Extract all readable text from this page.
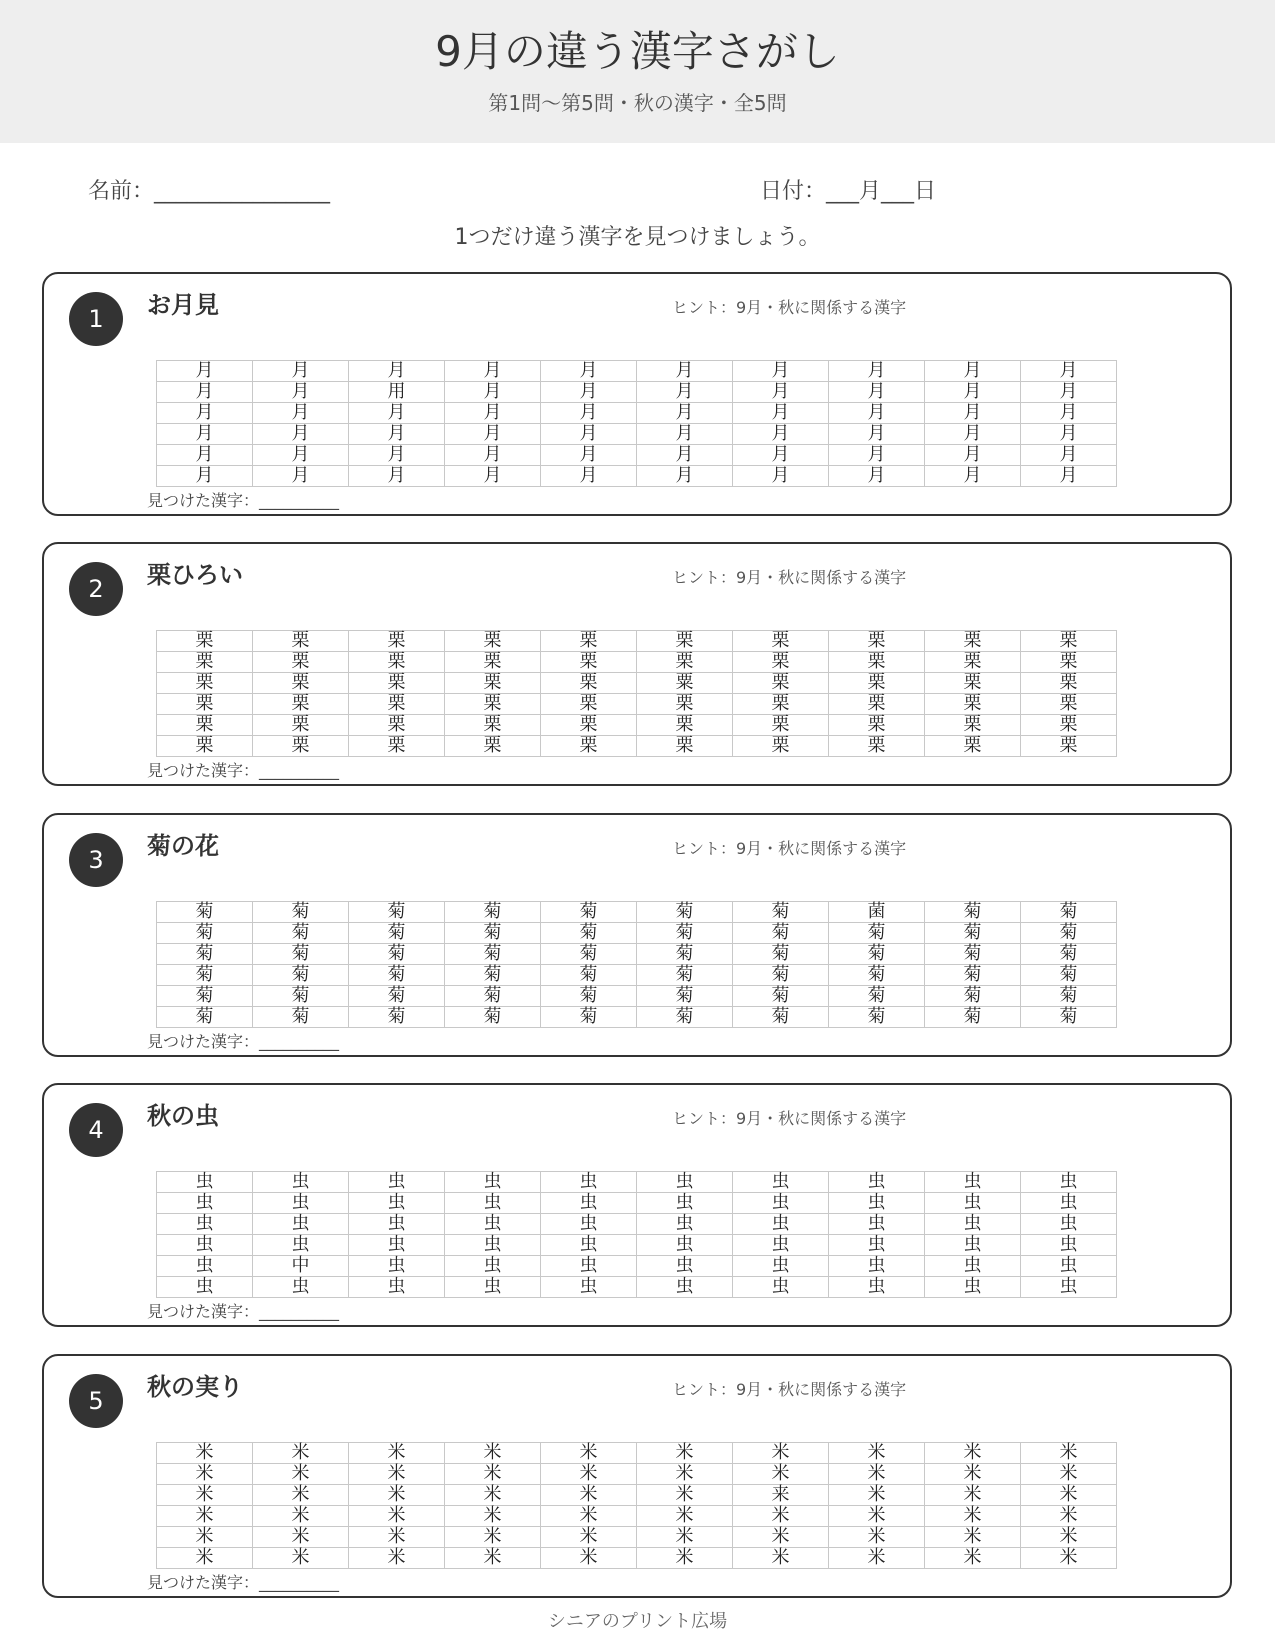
9月の違う漢字さがし
第1問〜第5問・秋の漢字・全5問
名前：________________	日付：___月___日
1つだけ違う漢字を見つけましょう。
1	お月見	ヒント：9月・秋に関係する漢字
月	月	月	月	月	月	月	月	月	月
月	月	用	月	月	月	月	月	月	月
月	月	月	月	月	月	月	月	月	月
月	月	月	月	月	月	月	月	月	月
月	月	月	月	月	月	月	月	月	月
月	月	月	月	月	月	月	月	月	月
見つけた漢字：__________
2	栗ひろい	ヒント：9月・秋に関係する漢字
栗	栗	栗	栗	栗	栗	栗	栗	栗	栗
栗	栗	栗	栗	栗	栗	栗	栗	栗	栗
栗	栗	栗	栗	栗	粟	栗	栗	栗	栗
栗	栗	栗	栗	栗	栗	栗	栗	栗	栗
栗	栗	栗	栗	栗	栗	栗	栗	栗	栗
栗	栗	栗	栗	栗	栗	栗	栗	栗	栗
見つけた漢字：__________
3	菊の花	ヒント：9月・秋に関係する漢字
菊	菊	菊	菊	菊	菊	菊	菌	菊	菊
菊	菊	菊	菊	菊	菊	菊	菊	菊	菊
菊	菊	菊	菊	菊	菊	菊	菊	菊	菊
菊	菊	菊	菊	菊	菊	菊	菊	菊	菊
菊	菊	菊	菊	菊	菊	菊	菊	菊	菊
菊	菊	菊	菊	菊	菊	菊	菊	菊	菊
見つけた漢字：__________
4	秋の虫	ヒント：9月・秋に関係する漢字
虫	虫	虫	虫	虫	虫	虫	虫	虫	虫
虫	虫	虫	虫	虫	虫	虫	虫	虫	虫
虫	虫	虫	虫	虫	虫	虫	虫	虫	虫
虫	虫	虫	虫	虫	虫	虫	虫	虫	虫
虫	中	虫	虫	虫	虫	虫	虫	虫	虫
虫	虫	虫	虫	虫	虫	虫	虫	虫	虫
見つけた漢字：__________
5	秋の実り	ヒント：9月・秋に関係する漢字
米	米	米	米	米	米	米	米	米	米
米	米	米	米	米	米	米	米	米	米
米	米	米	米	米	米	来	米	米	米
米	米	米	米	米	米	米	米	米	米
米	米	米	米	米	米	米	米	米	米
米	米	米	米	米	米	米	米	米	米
見つけた漢字：__________
シニアのプリント広場
